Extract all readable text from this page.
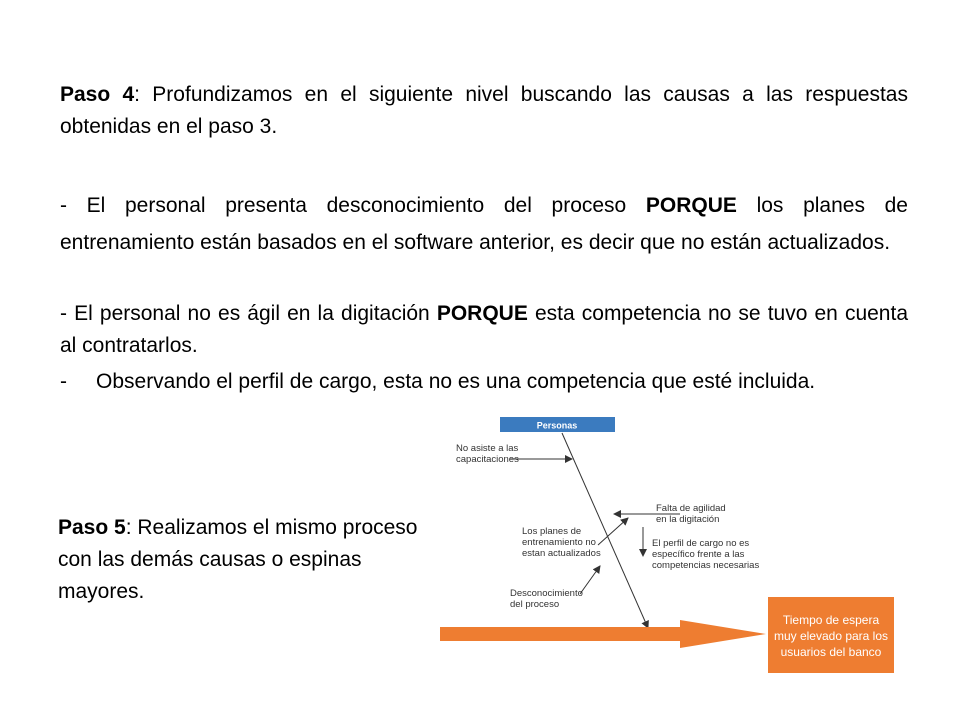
Paso 4: Profundizamos en el siguiente nivel buscando las causas a las respuestas obtenidas en el paso 3.

- El personal presenta desconocimiento del proceso PORQUE los planes de entrenamiento están basados en el software anterior, es decir que no están actualizados.

- El personal no es ágil en la digitación PORQUE esta competencia no se tuvo en cuenta al contratarlos.

- Observando el perfil de cargo, esta no es una competencia que esté incluida.

Paso 5: Realizamos el mismo proceso con las demás causas o espinas mayores.

Personas
No asiste a las
capacitaciones
Falta de agilidad
en la digitación
Los planes de
entrenamiento no
estan actualizados
El perfil de cargo no es
específico frente a las
competencias necesarias
Desconocimiento
del proceso
Tiempo de espera
muy elevado para los
usuarios del banco
